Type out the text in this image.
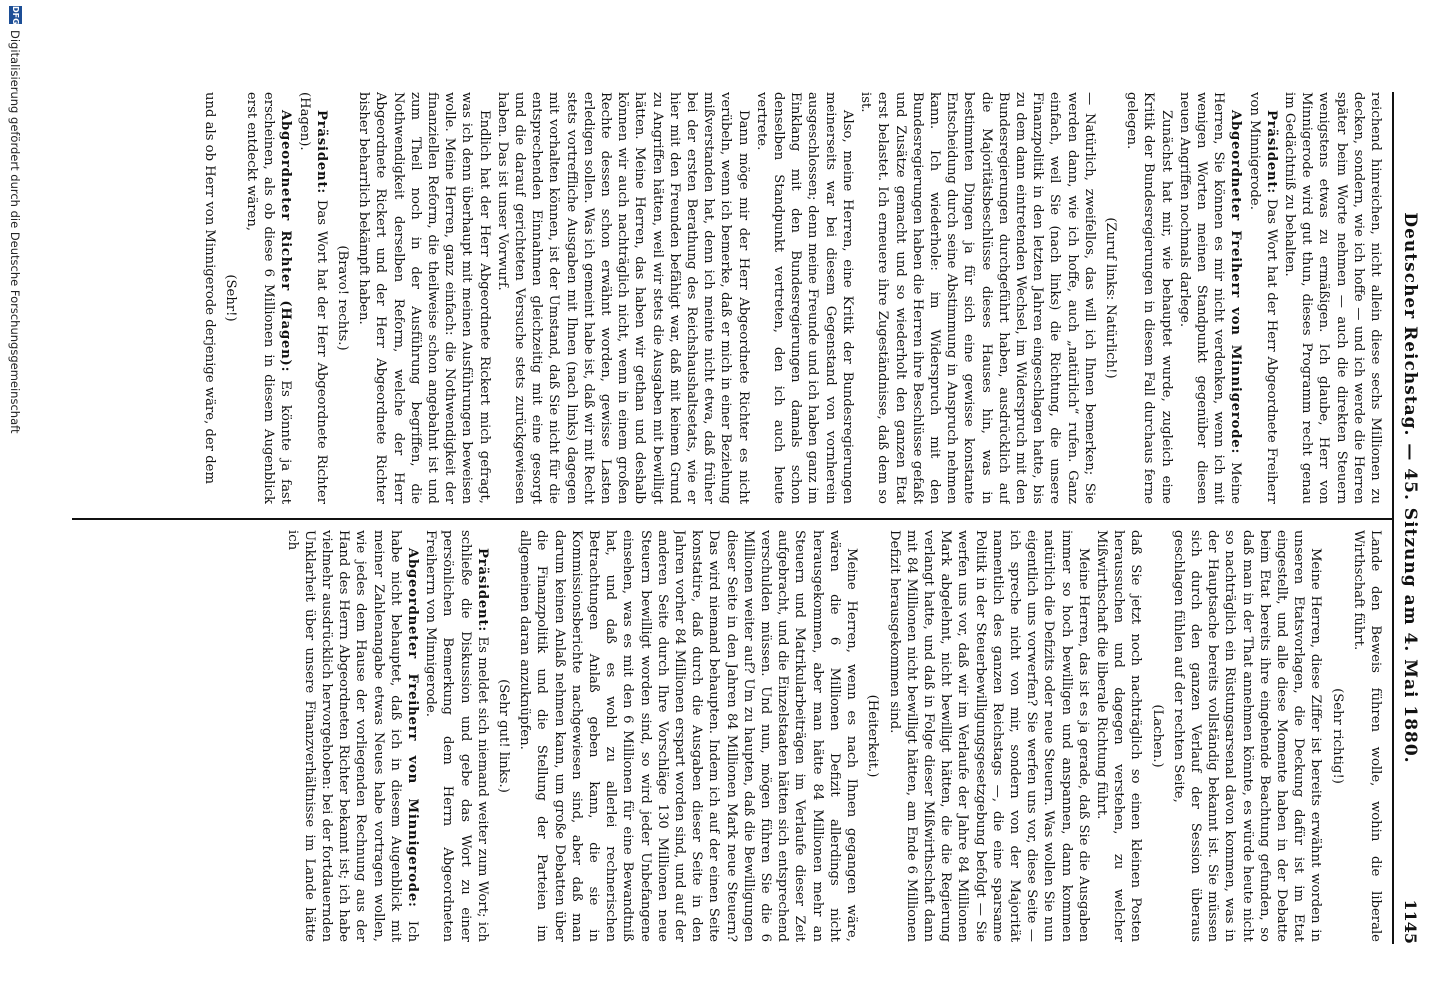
Deutscher Reichstag. — 45. Sitzung am 4. Mai 1880.
1145

reichend hinreichen, nicht allein diese sechs Millionen zu decken, sondern, wie ich hoffe — und ich werde die Herren später beim Worte nehmen — auch die direkten Steuern wenigstens etwas zu ermäßigen. Ich glaube, Herr von Minnigerode wird gut thun, dieses Programm recht genau im Gedächtniß zu behalten.

Präsident: Das Wort hat der Herr Abgeordnete Freiherr von Minnigerode.

Abgeordneter Freiherr von Minnigerode: Meine Herren, Sie können es mir nicht verdenken, wenn ich mit wenigen Worten meinen Standpunkt gegenüber diesen neuen Angriffen nochmals darlege.

Zunächst hat mir, wie behauptet wurde, zugleich eine Kritik der Bundesregierungen in diesem Fall durchaus ferne gelegen.

(Zuruf links: Natürlich!)

— Natürlich, zweifellos, das will ich Ihnen bemerken; Sie werden dann, wie ich hoffe, auch „natürlich“ rufen. Ganz einfach, weil Sie (nach links) die Richtung, die unsere Finanzpolitik in den letzten Jahren eingeschlagen hatte, bis zu dem dann eintretenden Wechsel, im Widerspruch mit den Bundesregierungen durchgeführt haben, ausdrücklich auf die Majoritätsbeschlüsse dieses Hauses hin, was in bestimmten Dingen ja für sich eine gewisse konstante Entscheidung durch seine Abstimmung in Anspruch nehmen kann. Ich wiederhole: im Widerspruch mit den Bundesregierungen haben die Herren ihre Beschlüsse gefaßt und Zusätze gemacht und so wiederholt den ganzen Etat erst belastet. Ich erneuere ihre Zugeständnisse, daß dem so ist.

Also, meine Herren, eine Kritik der Bundesregierungen meinerseits war bei diesem Gegenstand von vornherein ausgeschlossen; denn meine Freunde und ich haben ganz im Einklang mit den Bundesregierungen damals schon denselben Standpunkt vertreten, den ich auch heute vertrete.

Dann möge mir der Herr Abgeordnete Richter es nicht verübeln, wenn ich bemerke, daß er mich in einer Beziehung mißverstanden hat, denn ich meinte nicht etwa, daß früher bei der ersten Berathung des Reichshaushaltsetats, wie er hier mit den Freunden befähigt war, daß mit keinem Grund zu Angriffen hätten, weil wir stets die Ausgaben mit bewilligt hätten. Meine Herren, das haben wir gethan und deshalb können wir auch nachträglich nicht, wenn in einem großen Rechte dessen schon erwähnt worden, gewisse Lasten erledigen sollen. Was ich gemeint habe ist, daß wir mit Recht stets vortreffliche Ausgaben mit Ihnen (nach links) dagegen mit vorhalten können, ist der Umstand, daß Sie nicht für die entsprechenden Einnahmen gleichzeitig mit eine gesorgt und die darauf gerichteten Versuche stets zurückgewiesen haben. Das ist unser Vorwurf.

Endlich hat der Herr Abgeordnete Rickert mich gefragt, was ich denn überhaupt mit meinen Ausführungen beweisen wolle. Meine Herren, ganz einfach: die Nothwendigkeit der finanziellen Reform, die theilweise schon angebahnt ist und zum Theil noch in der Ausführung begriffen, die Nothwendigkeit derselben Reform, welche der Herr Abgeordnete Rickert und der Herr Abgeordnete Richter bisher beharrlich bekämpft haben.

(Bravo! rechts.)

Präsident: Das Wort hat der Herr Abgeordnete Richter (Hagen).

Abgeordneter Richter (Hagen): Es könnte ja fast erscheinen, als ob diese 6 Millionen in diesem Augenblick erst entdeckt wären,

(Sehr!)

und als ob Herr von Minnigerode derjenige wäre, der dem

Lande den Beweis führen wolle, wohin die liberale Wirthschaft führt.

(Sehr richtig!)

Meine Herren, diese Ziffer ist bereits erwähnt worden in unseren Etatsvorlagen, die Deckung dafür ist im Etat eingestellt, und alle diese Momente haben in der Debatte beim Etat bereits ihre eingehende Beachtung gefunden, so daß man in der That annehmen könnte, es würde heute nicht so nachträglich ein Rüstungsarsenal davon kommen, was in der Hauptsache bereits vollständig bekannt ist. Sie müssen sich durch den ganzen Verlauf der Session überaus geschlagen fühlen auf der rechten Seite,

(Lachen.)

daß Sie jetzt noch nachträglich so einen kleinen Posten heraussuchen und dagegen verstehen, zu welcher Mißwirthschaft die liberale Richtung führt.

Meine Herren, das ist es ja gerade, daß Sie die Ausgaben immer so hoch bewilligen und anspannen, dann kommen natürlich die Defizits oder neue Steuern. Was wollen Sie nun eigentlich uns vorwerfen? Sie werfen uns vor, diese Seite — ich spreche nicht von mir, sondern von der Majorität namentlich des ganzen Reichstags —, die eine sparsame Politik in der Steuerbewilligungsgesetzgebung befolgt — Sie werfen uns vor, daß wir im Verlaufe der Jahre 84 Millionen Mark abgelehnt, nicht bewilligt hätten, die die Regierung verlangt hatte, und daß in Folge dieser Mißwirthschaft dann mit 84 Millionen nicht bewilligt hätten, am Ende 6 Millionen Defizit herausgekommen sind.

(Heiterkeit.)

Meine Herren, wenn es nach Ihnen gegangen wäre, wären die 6 Millionen Defizit allerdings nicht herausgekommen, aber man hätte 84 Millionen mehr an Steuern und Matrikularbeiträgen im Verlaufe dieser Zeit aufgebracht, und die Einzelstaaten hätten sich entsprechend verschulden müssen. Und nun, mögen führen Sie die 6 Millionen weiter auf? Um zu haupten, daß die Bewilligungen dieser Seite in den Jahren 84 Millionen Mark neue Steuern? Das wird niemand behaupten. Indem ich auf der einen Seite konstatire, daß durch die Ausgaben dieser Seite in den Jahren vorher 84 Millionen erspart worden sind, und auf der anderen Seite durch Ihre Vorschläge 130 Millionen neue Steuern bewilligt worden sind, so wird jeder Unbefangene einsehen, was es mit den 6 Millionen für eine Bewandtniß hat, und daß es wohl zu allerlei rechnerischen Betrachtungen Anlaß geben kann, die sie in Kommissionsberichte nachgewiesen sind, aber daß man darum keinen Anlaß nehmen kann, um große Debatten über die Finanzpolitik und die Stellung der Parteien im allgemeinen daran anzuknüpfen.

(Sehr gut! links.)

Präsident: Es meldet sich niemand weiter zum Wort; ich schließe die Diskussion und gebe das Wort zu einer persönlichen Bemerkung dem Herrn Abgeordneten Freiherrn von Minnigerode.

Abgeordneter Freiherr von Minnigerode: Ich habe nicht behauptet, daß ich in diesem Augenblick mit meiner Zahlenangabe etwas Neues habe vortragen wollen, wie jedes dem Hause der vorliegenden Rechnung aus der Hand des Herrn Abgeordneten Richter bekannt ist; ich habe vielmehr ausdrücklich hervorgehoben: bei der fortdauernden Unklarheit über unsere Finanzverhältnisse im Lande hätte ich

DFG
Digitalisierung gefördert durch die Deutsche Forschungsgemeinschaft
